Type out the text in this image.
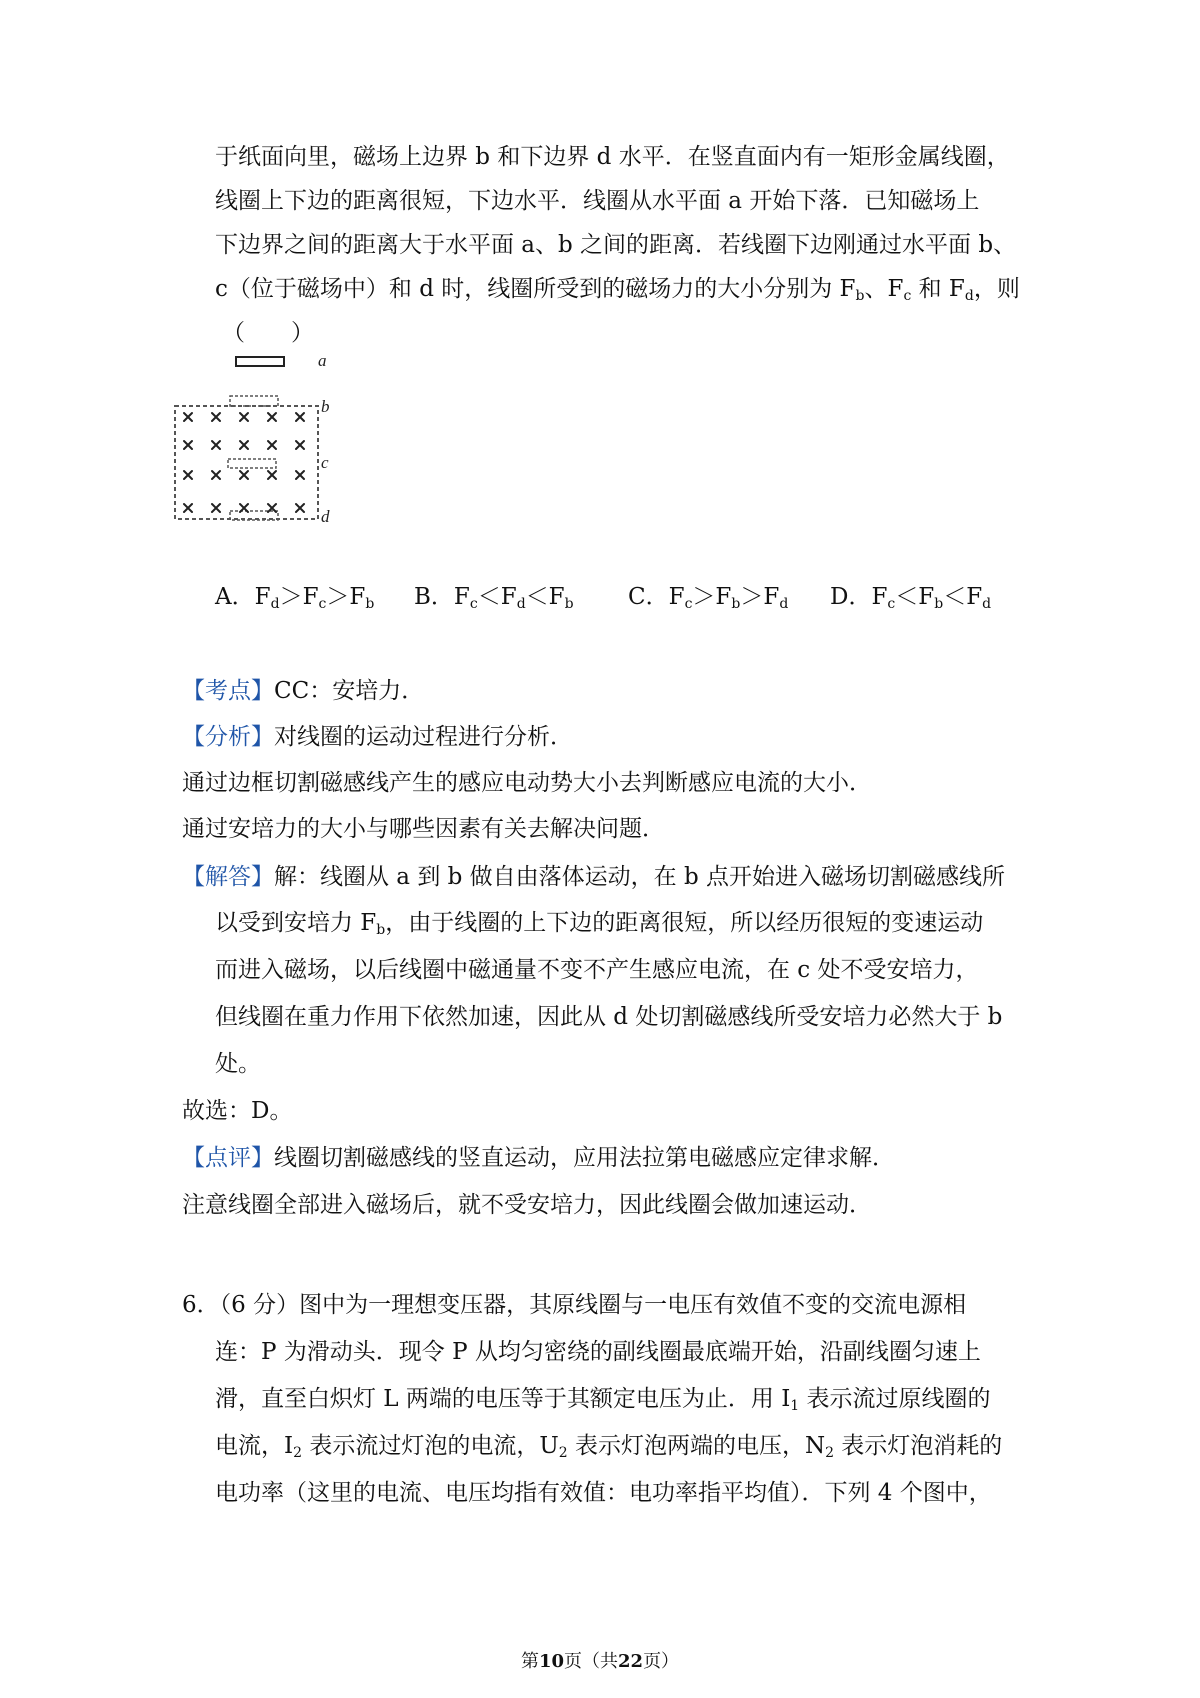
于纸面向里，磁场上边界 b 和下边界 d 水平．在竖直面内有一矩形金属线圈，
线圈上下边的距离很短，下边水平．线圈从水平面 a 开始下落．已知磁场上
下边界之间的距离大于水平面 a、b 之间的距离．若线圈下边刚通过水平面 b、
c（位于磁场中）和 d 时，线圈所受到的磁场力的大小分别为 $F_b$、$F_c$ 和 $F_d$，则
（　　）
a
b
c
d
A．$F_d>F_c>F_b$ B．$F_c<F_d<F_b$ C．$F_c>F_b>F_d$ D．$F_c<F_b<F_d$
【考点】CC：安培力．
【分析】对线圈的运动过程进行分析．
通过边框切割磁感线产生的感应电动势大小去判断感应电流的大小．
通过安培力的大小与哪些因素有关去解决问题．
【解答】解：线圈从 a 到 b 做自由落体运动，在 b 点开始进入磁场切割磁感线所
以受到安培力 $F_b$，由于线圈的上下边的距离很短，所以经历很短的变速运动
而进入磁场，以后线圈中磁通量不变不产生感应电流，在 c 处不受安培力，
但线圈在重力作用下依然加速，因此从 d 处切割磁感线所受安培力必然大于 b
处。
故选：D。
【点评】线圈切割磁感线的竖直运动，应用法拉第电磁感应定律求解．
注意线圈全部进入磁场后，就不受安培力，因此线圈会做加速运动．
6．（6 分）图中为一理想变压器，其原线圈与一电压有效值不变的交流电源相
连：P 为滑动头．现令 P 从均匀密绕的副线圈最底端开始，沿副线圈匀速上
滑，直至白炽灯 L 两端的电压等于其额定电压为止．用 $I_1$ 表示流过原线圈的
电流，$I_2$ 表示流过灯泡的电流，$U_2$ 表示灯泡两端的电压，$N_2$ 表示灯泡消耗的
电功率（这里的电流、电压均指有效值：电功率指平均值）．下列 4 个图中，
第10页（共22页）
